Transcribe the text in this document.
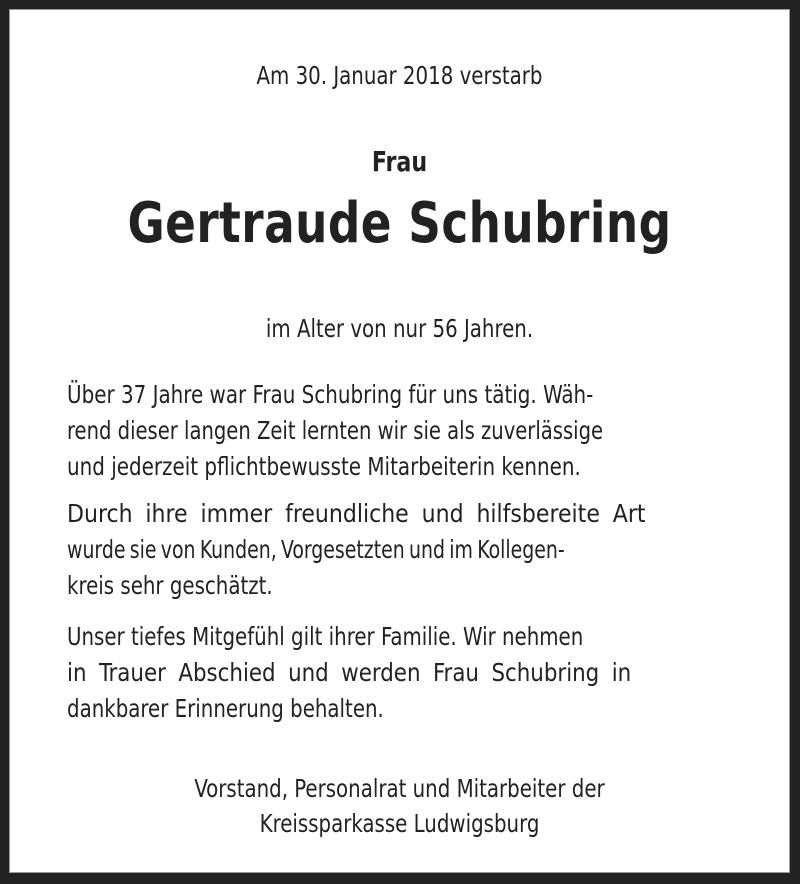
Am 30. Januar 2018 verstarb
Frau
Gertraude Schubring
im Alter von nur 56 Jahren.
Über 37 Jahre war Frau Schubring für uns tätig. Wäh-
rend dieser langen Zeit lernten wir sie als zuverlässige
und jederzeit pflichtbewusste Mitarbeiterin kennen.
Durch ihre immer freundliche und hilfsbereite Art
wurde sie von Kunden, Vorgesetzten und im Kollegen-
kreis sehr geschätzt.
Unser tiefes Mitgefühl gilt ihrer Familie. Wir nehmen
in Trauer Abschied und werden Frau Schubring in
dankbarer Erinnerung behalten.
Vorstand, Personalrat und Mitarbeiter der
Kreissparkasse Ludwigsburg
